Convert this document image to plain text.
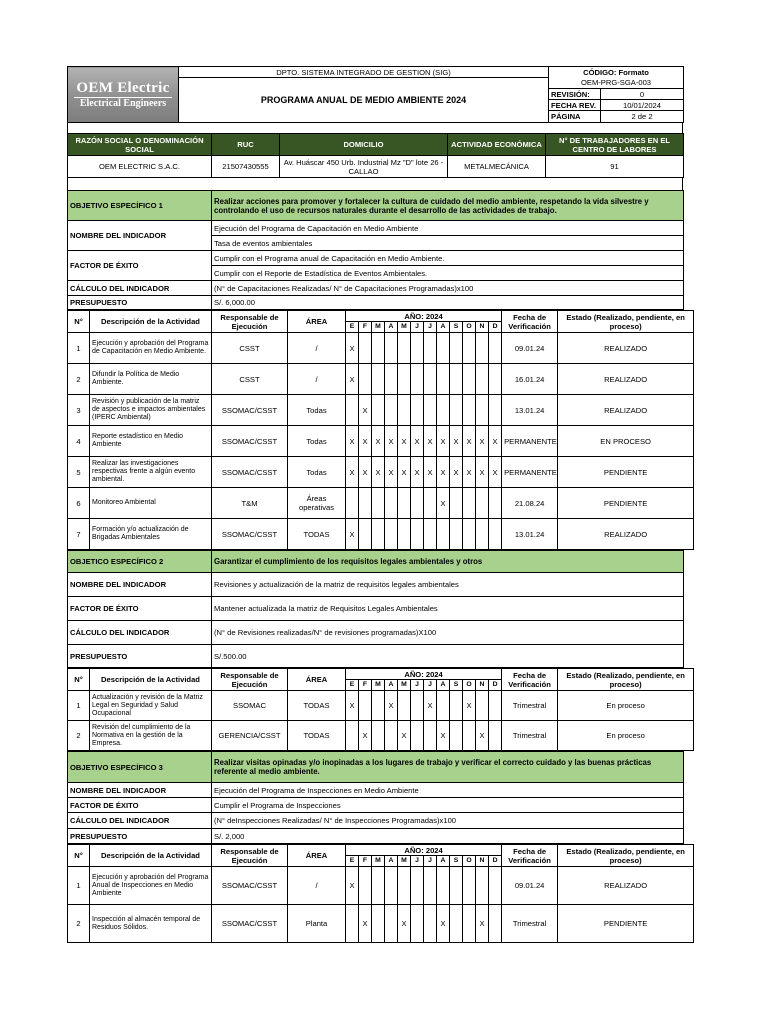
OEM Electric
Electrical Engineers	DPTO. SISTEMA INTEGRADO DE GESTION (SIG)	CÓDIGO: Formato	
	PROGRAMA ANUAL DE MEDIO AMBIENTE 2024	OEM-PRG-SGA-003	
		REVISIÓN:	0
		FECHA REV.	10/01/2024
		PÁGINA	2 de 2
RAZÓN SOCIAL O DENOMINACIÓN SOCIAL	RUC	DOMICILIO	ACTIVIDAD ECONÓMICA	N° DE TRABAJADORES EN EL CENTRO DE LABORES
OEM ELECTRIC S.A.C.	21507430555	Av. Huáscar 450 Urb. Industrial Mz "D" lote 26 - CALLAO	METALMECÁNICA	91
OBJETIVO ESPECÍFICO 1	Realizar acciones para promover y fortalecer la cultura de cuidado del medio ambiente, respetando la vida silvestre y controlando el uso de recursos naturales durante el desarrollo de las actividades de trabajo.
NOMBRE DEL INDICADOR	Ejecución del Programa de Capacitación en Medio Ambiente
	Tasa de eventos ambientales
FACTOR DE ÉXITO	Cumplir con el Programa anual de Capacitación en Medio Ambiente.
	Cumplir con el Reporte de Estadística de Eventos Ambientales.
CÁLCULO DEL INDICADOR	(N° de Capacitaciones Realizadas/ N° de Capacitaciones Programadas)x100
PRESUPUESTO	S/. 6,000.00
N°	Descripción de la Actividad	Responsable de Ejecución	ÁREA	AÑO: 2024												Fecha de Verificación	Estado (Realizado, pendiente, en proceso)
				E	F	M	A	M	J	J	A	S	O	N	D		
1	Ejecución y aprobación del Programa de Capacitación en Medio Ambiente.	CSST	/	X												09.01.24	REALIZADO
2	Difundir la Política de Medio Ambiente.	CSST	/	X												16.01.24	REALIZADO
3	Revisión y publicación de la matriz de aspectos e impactos ambientales (IPERC Ambiental)	SSOMAC/CSST	Todas		X											13.01.24	REALIZADO
4	Reporte estadístico en Medio Ambiente	SSOMAC/CSST	Todas	X	X	X	X	X	X	X	X	X	X	X	X	PERMANENTE	EN PROCESO
5	Realizar las investigaciones respectivas frente a algún evento ambiental.	SSOMAC/CSST	Todas	X	X	X	X	X	X	X	X	X	X	X	X	PERMANENTE	PENDIENTE
6	Monitoreo Ambiental	T&M	Áreas operativas								X					21.08.24	PENDIENTE
7	Formación y/o actualización de Brigadas Ambientales	SSOMAC/CSST	TODAS	X												13.01.24	REALIZADO
OBJETICO ESPECÍFICO 2	Garantizar el cumplimiento de los requisitos legales ambientales y otros
NOMBRE DEL INDICADOR	Revisiones y actualización de la matriz de requisitos legales ambientales
FACTOR DE ÉXITO	Mantener actualizada la matriz de Requisitos Legales Ambientales
CÁLCULO DEL INDICADOR	(N° de Revisiones realizadas/N° de revisiones programadas)X100
PRESUPUESTO	S/.500.00
N°	Descripción de la Actividad	Responsable de Ejecución	ÁREA	AÑO: 2024												Fecha de Verificación	Estado (Realizado, pendiente, en proceso)
				E	F	M	A	M	J	J	A	S	O	N	D		
1	Actualización y revisión de la Matriz Legal en Seguridad y Salud Ocupacional	SSOMAC	TODAS	X			X			X			X			Trimestral	En proceso
2	Revisión del cumplimiento de la Normativa en la gestión de la Empresa.	GERENCIA/CSST	TODAS		X			X			X			X		Trimestral	En proceso
OBJETIVO ESPECÍFICO 3	Realizar visitas opinadas y/o inopinadas a los lugares de trabajo y verificar el correcto cuidado y las buenas prácticas referente al medio ambiente.
NOMBRE DEL INDICADOR	Ejecución del Programa de Inspecciones en Medio Ambiente
FACTOR DE ÉXITO	Cumplir el Programa de Inspecciones
CÁLCULO DEL INDICADOR	(N° deInspecciones Realizadas/ N° de Inspecciones Programadas)x100
PRESUPUESTO	S/. 2,000
N°	Descripción de la Actividad	Responsable de Ejecución	ÁREA	AÑO: 2024												Fecha de Verificación	Estado (Realizado, pendiente, en proceso)
				E	F	M	A	M	J	J	A	S	O	N	D		
1	Ejecución y aprobación del Programa Anual de Inspecciones en Medio Ambiente	SSOMAC/CSST	/	X												09.01.24	REALIZADO
2	Inspección al almacén temporal de Residuos Sólidos.	SSOMAC/CSST	Planta		X			X			X			X		Trimestral	PENDIENTE
